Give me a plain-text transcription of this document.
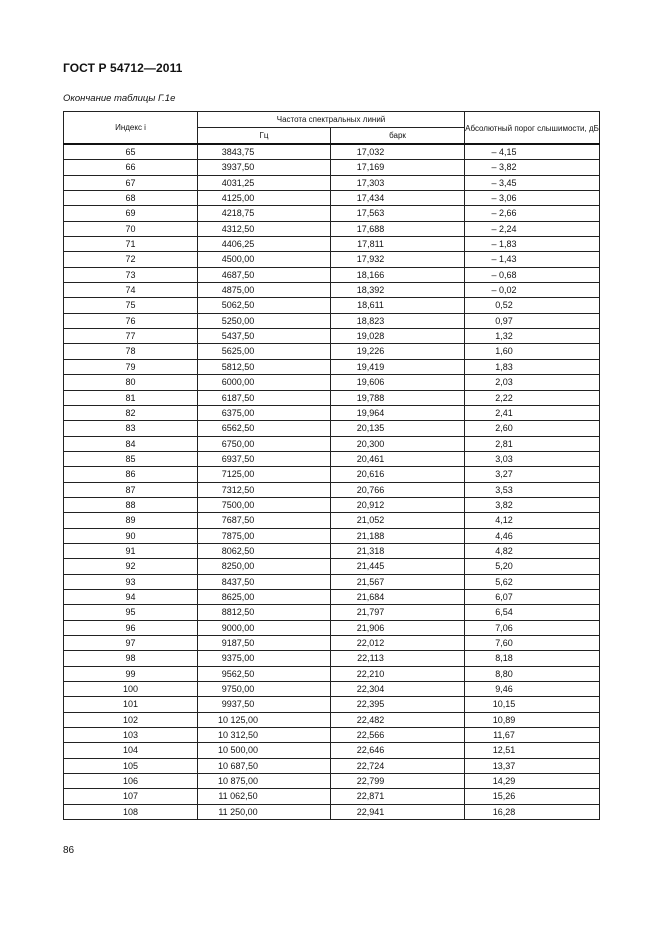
ГОСТ Р 54712—2011
Окончание таблицы Г.1е
Индекс i	Частота спектральных линий		Абсолютный порог слышимости, дБ
	Гц	барк	
65	3843,75	17,032	– 4,15
66	3937,50	17,169	– 3,82
67	4031,25	17,303	– 3,45
68	4125,00	17,434	– 3,06
69	4218,75	17,563	– 2,66
70	4312,50	17,688	– 2,24
71	4406,25	17,811	– 1,83
72	4500,00	17,932	– 1,43
73	4687,50	18,166	– 0,68
74	4875,00	18,392	– 0,02
75	5062,50	18,611	0,52
76	5250,00	18,823	0,97
77	5437,50	19,028	1,32
78	5625,00	19,226	1,60
79	5812,50	19,419	1,83
80	6000,00	19,606	2,03
81	6187,50	19,788	2,22
82	6375,00	19,964	2,41
83	6562,50	20,135	2,60
84	6750,00	20,300	2,81
85	6937,50	20,461	3,03
86	7125,00	20,616	3,27
87	7312,50	20,766	3,53
88	7500,00	20,912	3,82
89	7687,50	21,052	4,12
90	7875,00	21,188	4,46
91	8062,50	21,318	4,82
92	8250,00	21,445	5,20
93	8437,50	21,567	5,62
94	8625,00	21,684	6,07
95	8812,50	21,797	6,54
96	9000,00	21,906	7,06
97	9187,50	22,012	7,60
98	9375,00	22,113	8,18
99	9562,50	22,210	8,80
100	9750,00	22,304	9,46
101	9937,50	22,395	10,15
102	10 125,00	22,482	10,89
103	10 312,50	22,566	11,67
104	10 500,00	22,646	12,51
105	10 687,50	22,724	13,37
106	10 875,00	22,799	14,29
107	11 062,50	22,871	15,26
108	11 250,00	22,941	16,28
86
